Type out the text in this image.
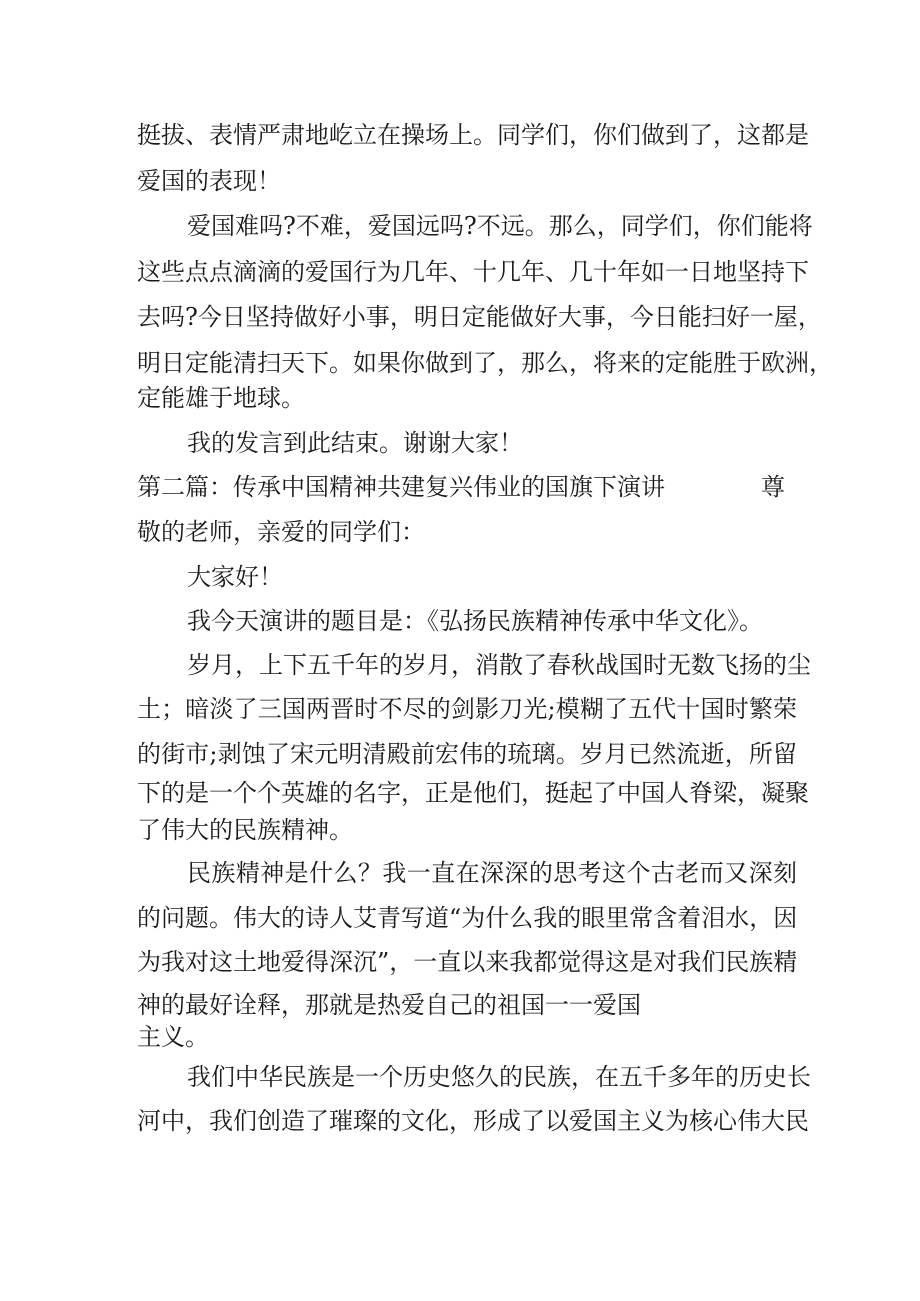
挺拔、表情严肃地屹立在操场上。同学们，你们做到了，这都是

爱国的表现！

爱国难吗?不难，爱国远吗?不远。那么，同学们，你们能将

这些点点滴滴的爱国行为几年、十几年、几十年如一日地坚持下

去吗?今日坚持做好小事，明日定能做好大事，今日能扫好一屋，

明日定能清扫天下。如果你做到了，那么，将来的定能胜于欧洲，

定能雄于地球。

我的发言到此结束。谢谢大家！

第二篇：传承中国精神共建复兴伟业的国旗下演讲	尊

敬的老师，亲爱的同学们：

大家好！

我今天演讲的题目是：《弘扬民族精神传承中华文化》。

岁月，上下五千年的岁月，消散了春秋战国时无数飞扬的尘

土；暗淡了三国两晋时不尽的剑影刀光;模糊了五代十国时繁荣

的街市;剥蚀了宋元明清殿前宏伟的琉璃。岁月已然流逝，所留

下的是一个个英雄的名字，正是他们，挺起了中国人脊梁，凝聚

了伟大的民族精神。

民族精神是什么？我一直在深深的思考这个古老而又深刻

的问题。伟大的诗人艾青写道“为什么我的眼里常含着泪水，因

为我对这土地爱得深沉”，一直以来我都觉得这是对我们民族精

神的最好诠释，那就是热爱自己的祖国一一爱国

主义。

我们中华民族是一个历史悠久的民族，在五千多年的历史长

河中，我们创造了璀璨的文化，形成了以爱国主义为核心伟大民
